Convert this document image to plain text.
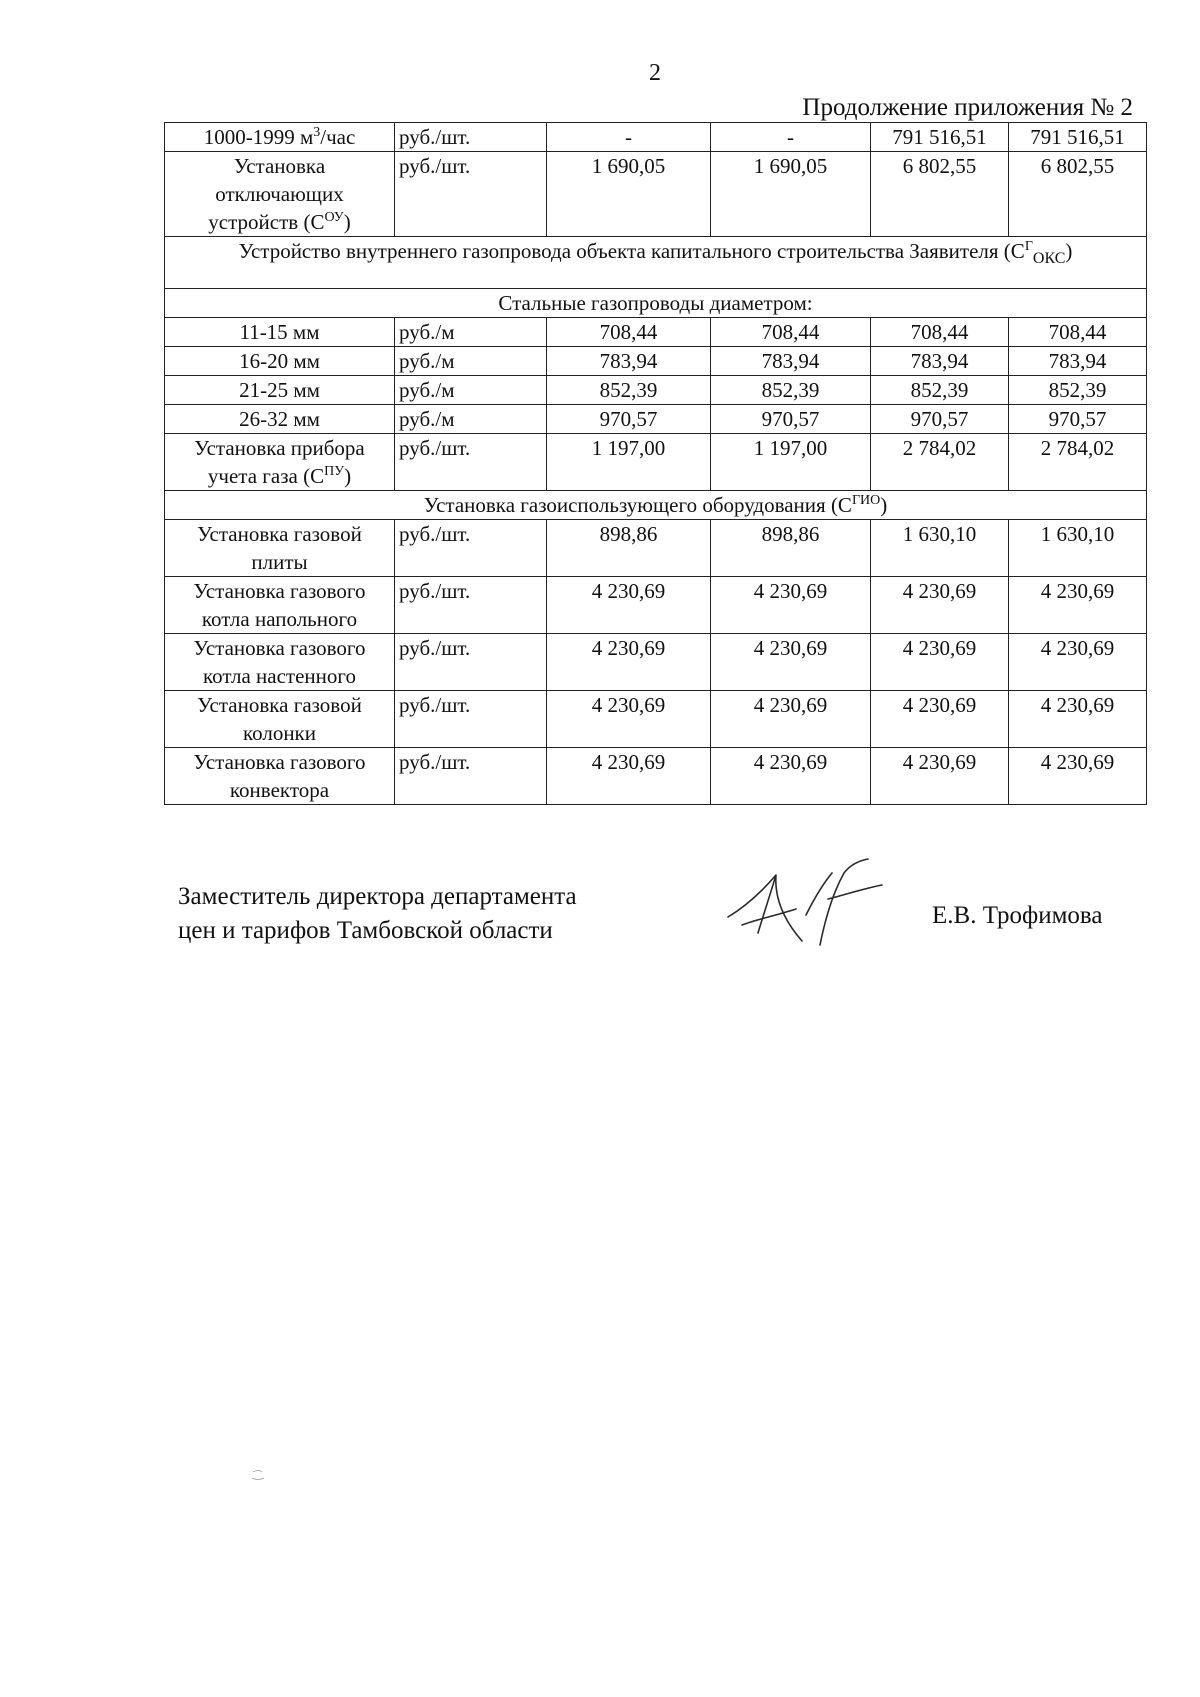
2
Продолжение приложения № 2
1000-1999 $м^3$/час	руб./шт.	-	-	791 516,51	791 516,51
Установка отключающих устройств $(С^{ОУ})$	руб./шт.	1 690,05	1 690,05	6 802,55	6 802,55
Устройство внутреннего газопровода объекта капитального строительства Заявителя $(С^Г_{ОКС})$					
Стальные газопроводы диаметром:					
11-15 мм	руб./м	708,44	708,44	708,44	708,44
16-20 мм	руб./м	783,94	783,94	783,94	783,94
21-25 мм	руб./м	852,39	852,39	852,39	852,39
26-32 мм	руб./м	970,57	970,57	970,57	970,57
Установка прибора учета газа $(С^{ПУ})$	руб./шт.	1 197,00	1 197,00	2 784,02	2 784,02
Установка газоиспользующего оборудования $(С^{ГИО})$					
Установка газовой плиты	руб./шт.	898,86	898,86	1 630,10	1 630,10
Установка газового котла напольного	руб./шт.	4 230,69	4 230,69	4 230,69	4 230,69
Установка газового котла настенного	руб./шт.	4 230,69	4 230,69	4 230,69	4 230,69
Установка газовой колонки	руб./шт.	4 230,69	4 230,69	4 230,69	4 230,69
Установка газового конвектора	руб./шт.	4 230,69	4 230,69	4 230,69	4 230,69
Заместитель директора департамента
цен и тарифов Тамбовской области
Е.В. Трофимова
